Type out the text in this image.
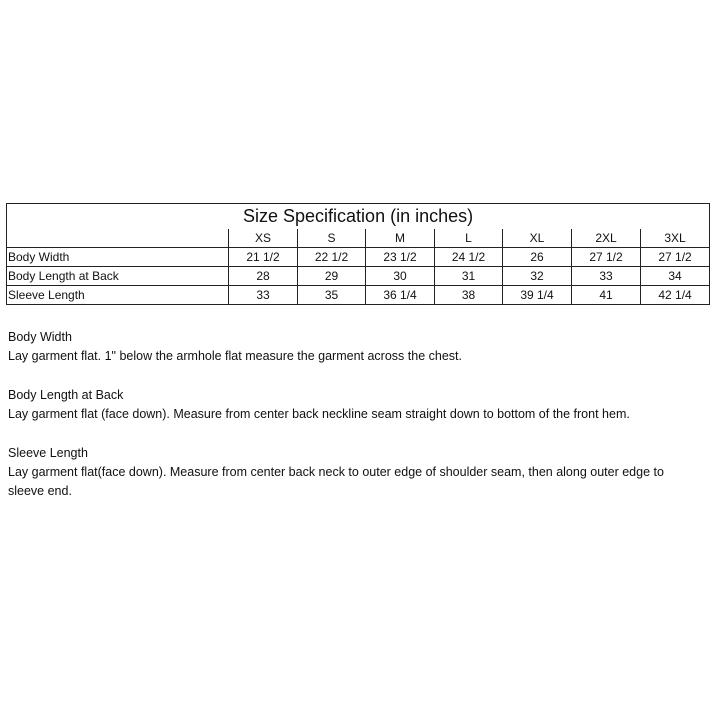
Size Specification (in inches)							
	XS	S	M	L	XL	2XL	3XL
Body Width	21 1/2	22 1/2	23 1/2	24 1/2	26	27 1/2	27 1/2
Body Length at Back	28	29	30	31	32	33	34
Sleeve Length	33	35	36 1/4	38	39 1/4	41	42 1/4

Body Width

Lay garment flat. 1" below the armhole flat measure the garment across the chest.

Body Length at Back

Lay garment flat (face down). Measure from center back neckline seam straight down to bottom of the front hem.

Sleeve Length

Lay garment flat(face down). Measure from center back neck to outer edge of shoulder seam, then along outer edge to sleeve end.
